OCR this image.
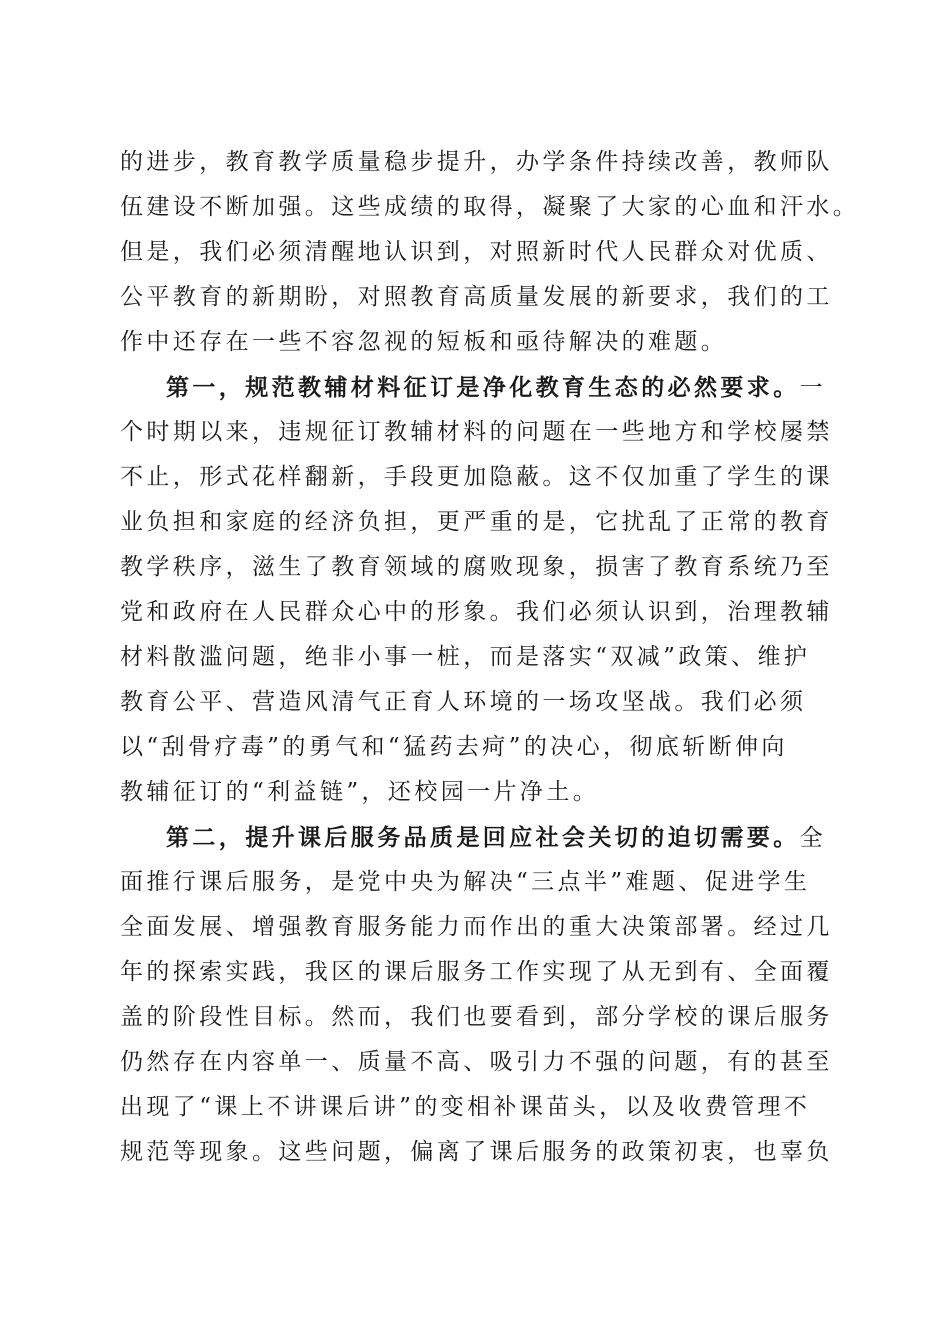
的进步，教育教学质量稳步提升，办学条件持续改善，教师队
伍建设不断加强。这些成绩的取得，凝聚了大家的心血和汗水。
但是，我们必须清醒地认识到，对照新时代人民群众对优质、
公平教育的新期盼，对照教育高质量发展的新要求，我们的工
作中还存在一些不容忽视的短板和亟待解决的难题。
第一，规范教辅材料征订是净化教育生态的必然要求。一
个时期以来，违规征订教辅材料的问题在一些地方和学校屡禁
不止，形式花样翻新，手段更加隐蔽。这不仅加重了学生的课
业负担和家庭的经济负担，更严重的是，它扰乱了正常的教育
教学秩序，滋生了教育领域的腐败现象，损害了教育系统乃至
党和政府在人民群众心中的形象。我们必须认识到，治理教辅
材料散滥问题，绝非小事一桩，而是落实“双减”政策、维护
教育公平、营造风清气正育人环境的一场攻坚战。我们必须
以“刮骨疗毒”的勇气和“猛药去疴”的决心，彻底斩断伸向
教辅征订的“利益链”，还校园一片净土。
第二，提升课后服务品质是回应社会关切的迫切需要。全
面推行课后服务，是党中央为解决“三点半”难题、促进学生
全面发展、增强教育服务能力而作出的重大决策部署。经过几
年的探索实践，我区的课后服务工作实现了从无到有、全面覆
盖的阶段性目标。然而，我们也要看到，部分学校的课后服务
仍然存在内容单一、质量不高、吸引力不强的问题，有的甚至
出现了“课上不讲课后讲”的变相补课苗头，以及收费管理不
规范等现象。这些问题，偏离了课后服务的政策初衷，也辜负
